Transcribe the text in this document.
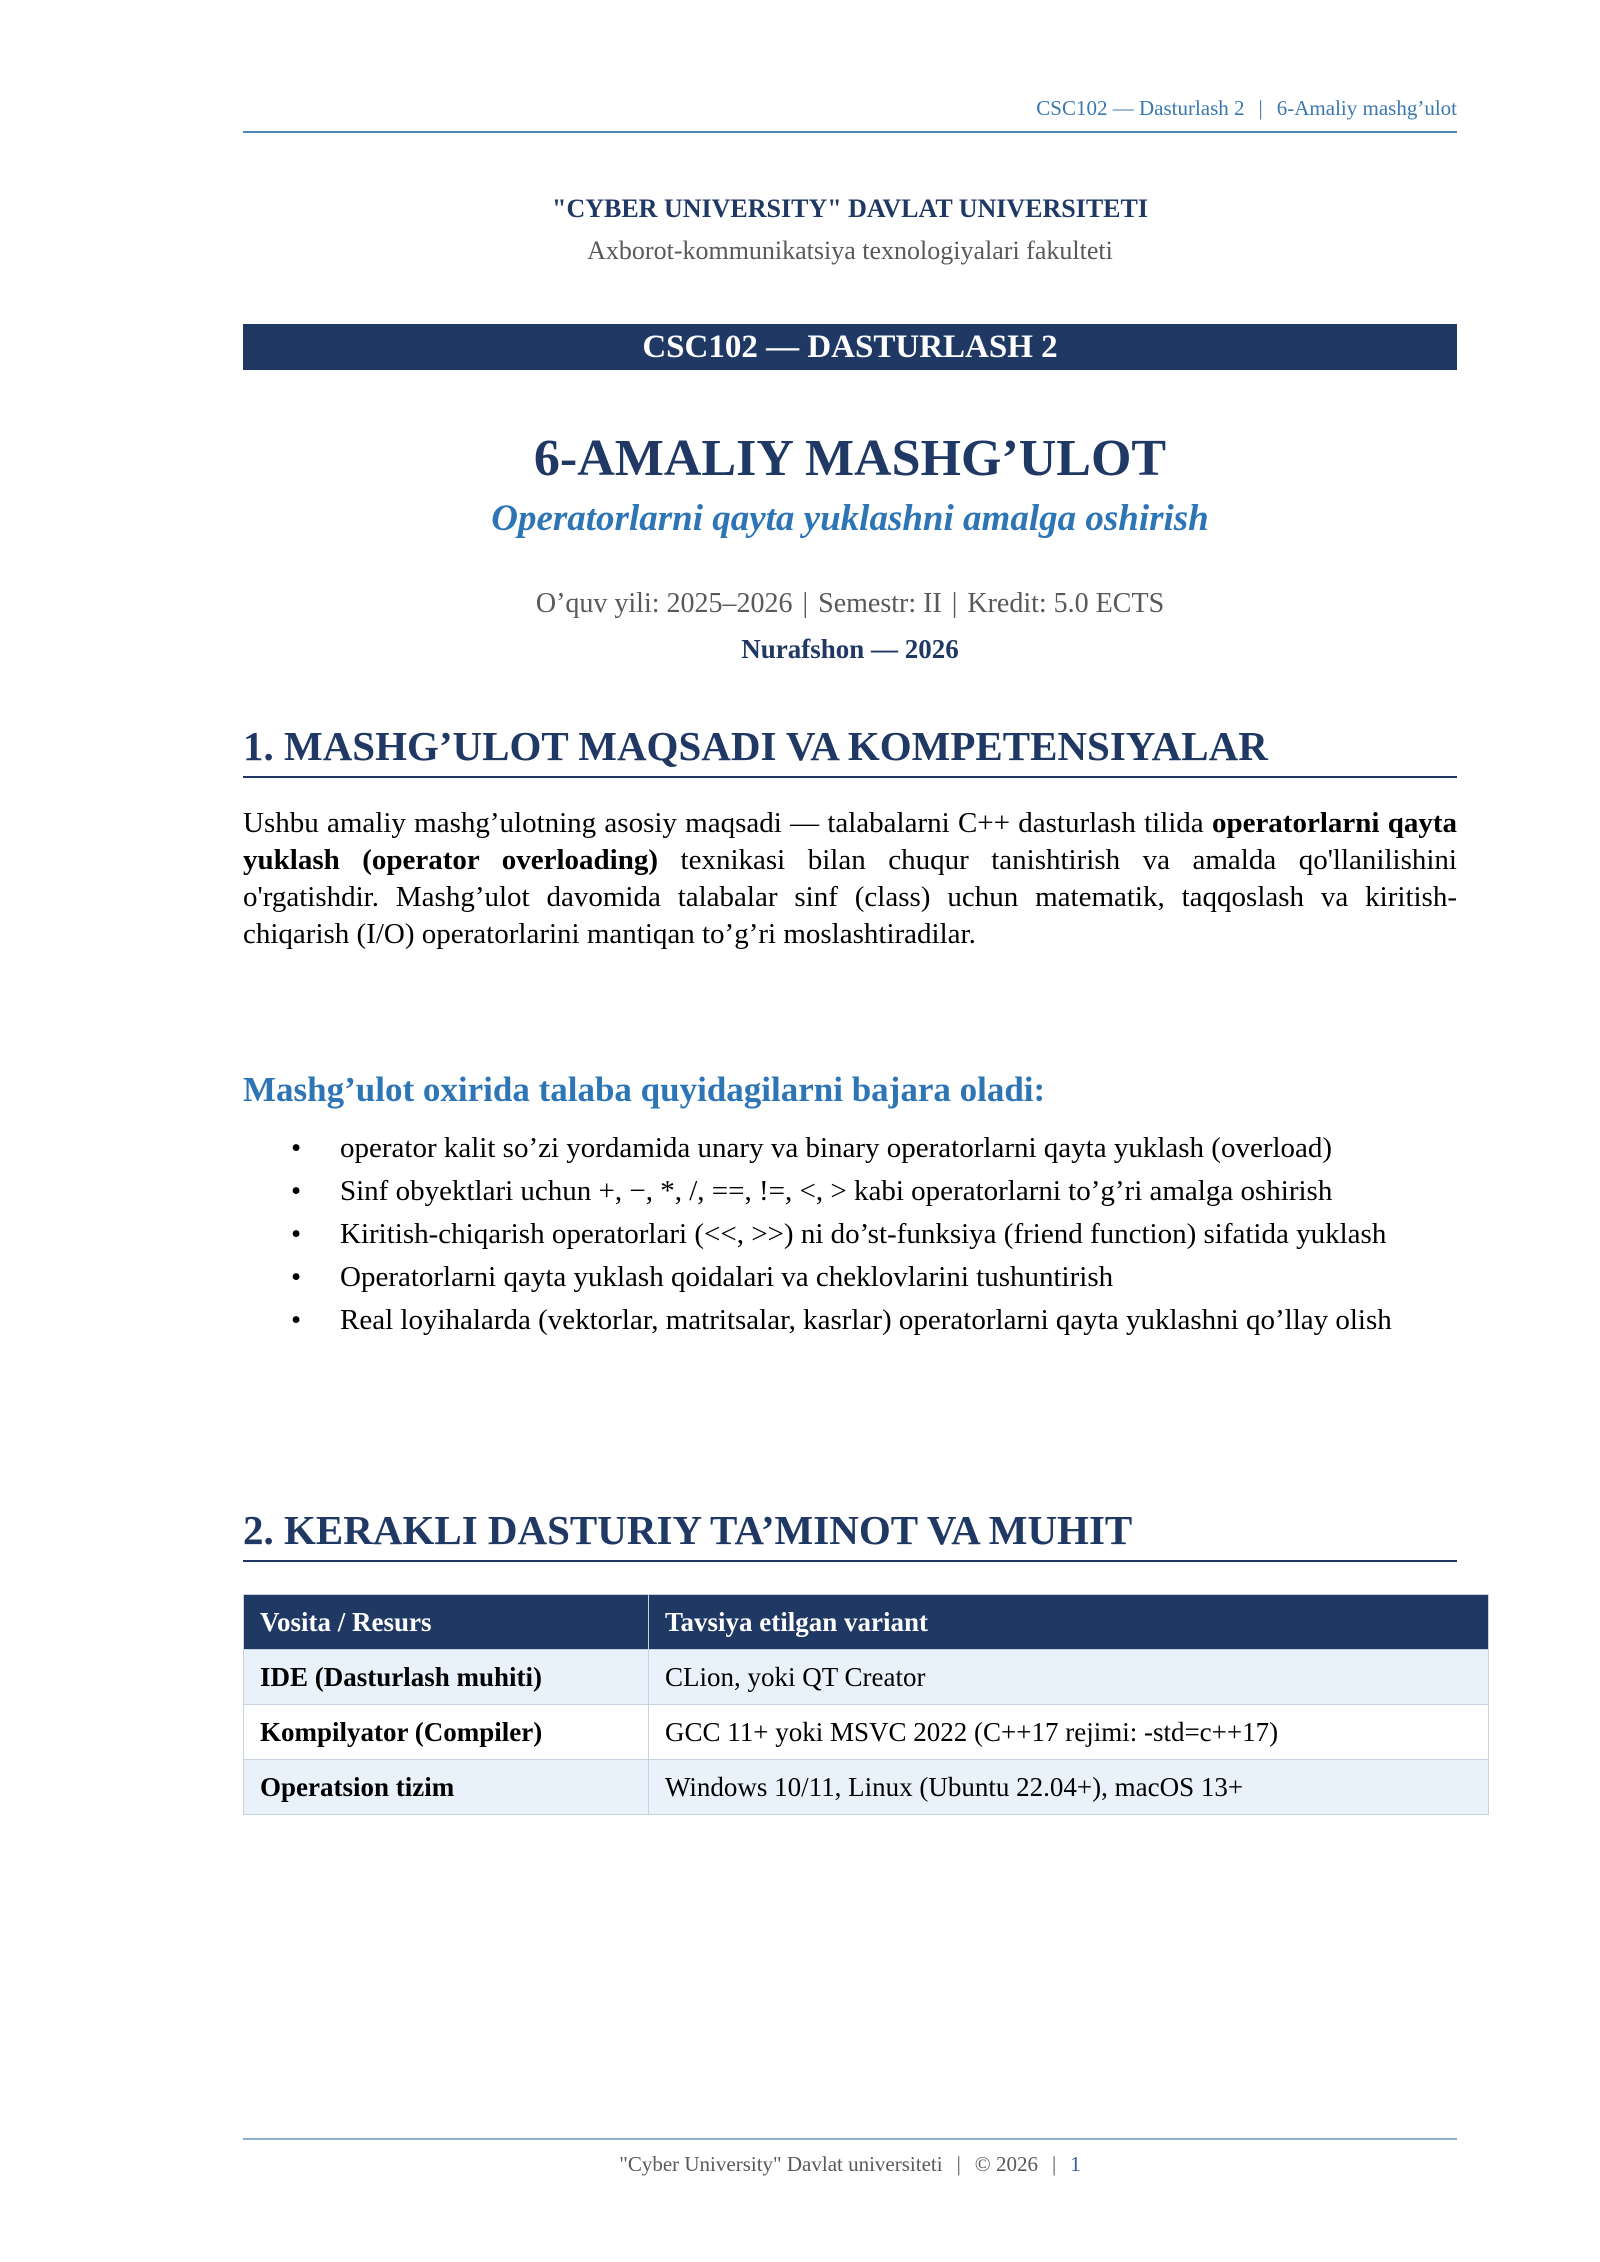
CSC102 — Dasturlash 2 | 6-Amaliy mashg’ulot
"CYBER UNIVERSITY" DAVLAT UNIVERSITETI
Axborot-kommunikatsiya texnologiyalari fakulteti
CSC102 — DASTURLASH 2
6-AMALIY MASHG’ULOT
Operatorlarni qayta yuklashni amalga oshirish
O’quv yili: 2025–2026 | Semestr: II | Kredit: 5.0 ECTS
Nurafshon — 2026
1. MASHG’ULOT MAQSADI VA KOMPETENSIYALAR
Ushbu amaliy mashg’ulotning asosiy maqsadi — talabalarni C++ dasturlash tilida operatorlarni qayta yuklash (operator overloading) texnikasi bilan chuqur tanishtirish va amalda qo'llanilishini o'rgatishdir. Mashg’ulot davomida talabalar sinf (class) uchun matematik, taqqoslash va kiritish-chiqarish (I/O) operatorlarini mantiqan to’g’ri moslashtiradilar.
Mashg’ulot oxirida talaba quyidagilarni bajara oladi:
• operator kalit so’zi yordamida unary va binary operatorlarni qayta yuklash (overload)
• Sinf obyektlari uchun +, −, *, /, ==, !=, <, > kabi operatorlarni to’g’ri amalga oshirish
• Kiritish-chiqarish operatorlari (<<, >>) ni do’st-funksiya (friend function) sifatida yuklash
• Operatorlarni qayta yuklash qoidalari va cheklovlarini tushuntirish
• Real loyihalarda (vektorlar, matritsalar, kasrlar) operatorlarni qayta yuklashni qo’llay olish
2. KERAKLI DASTURIY TA’MINOT VA MUHIT
Vosita / Resurs	Tavsiya etilgan variant
IDE (Dasturlash muhiti)	CLion, yoki QT Creator
Kompilyator (Compiler)	GCC 11+ yoki MSVC 2022 (C++17 rejimi: -std=c++17)
Operatsion tizim	Windows 10/11, Linux (Ubuntu 22.04+), macOS 13+
"Cyber University" Davlat universiteti | © 2026 | 1
